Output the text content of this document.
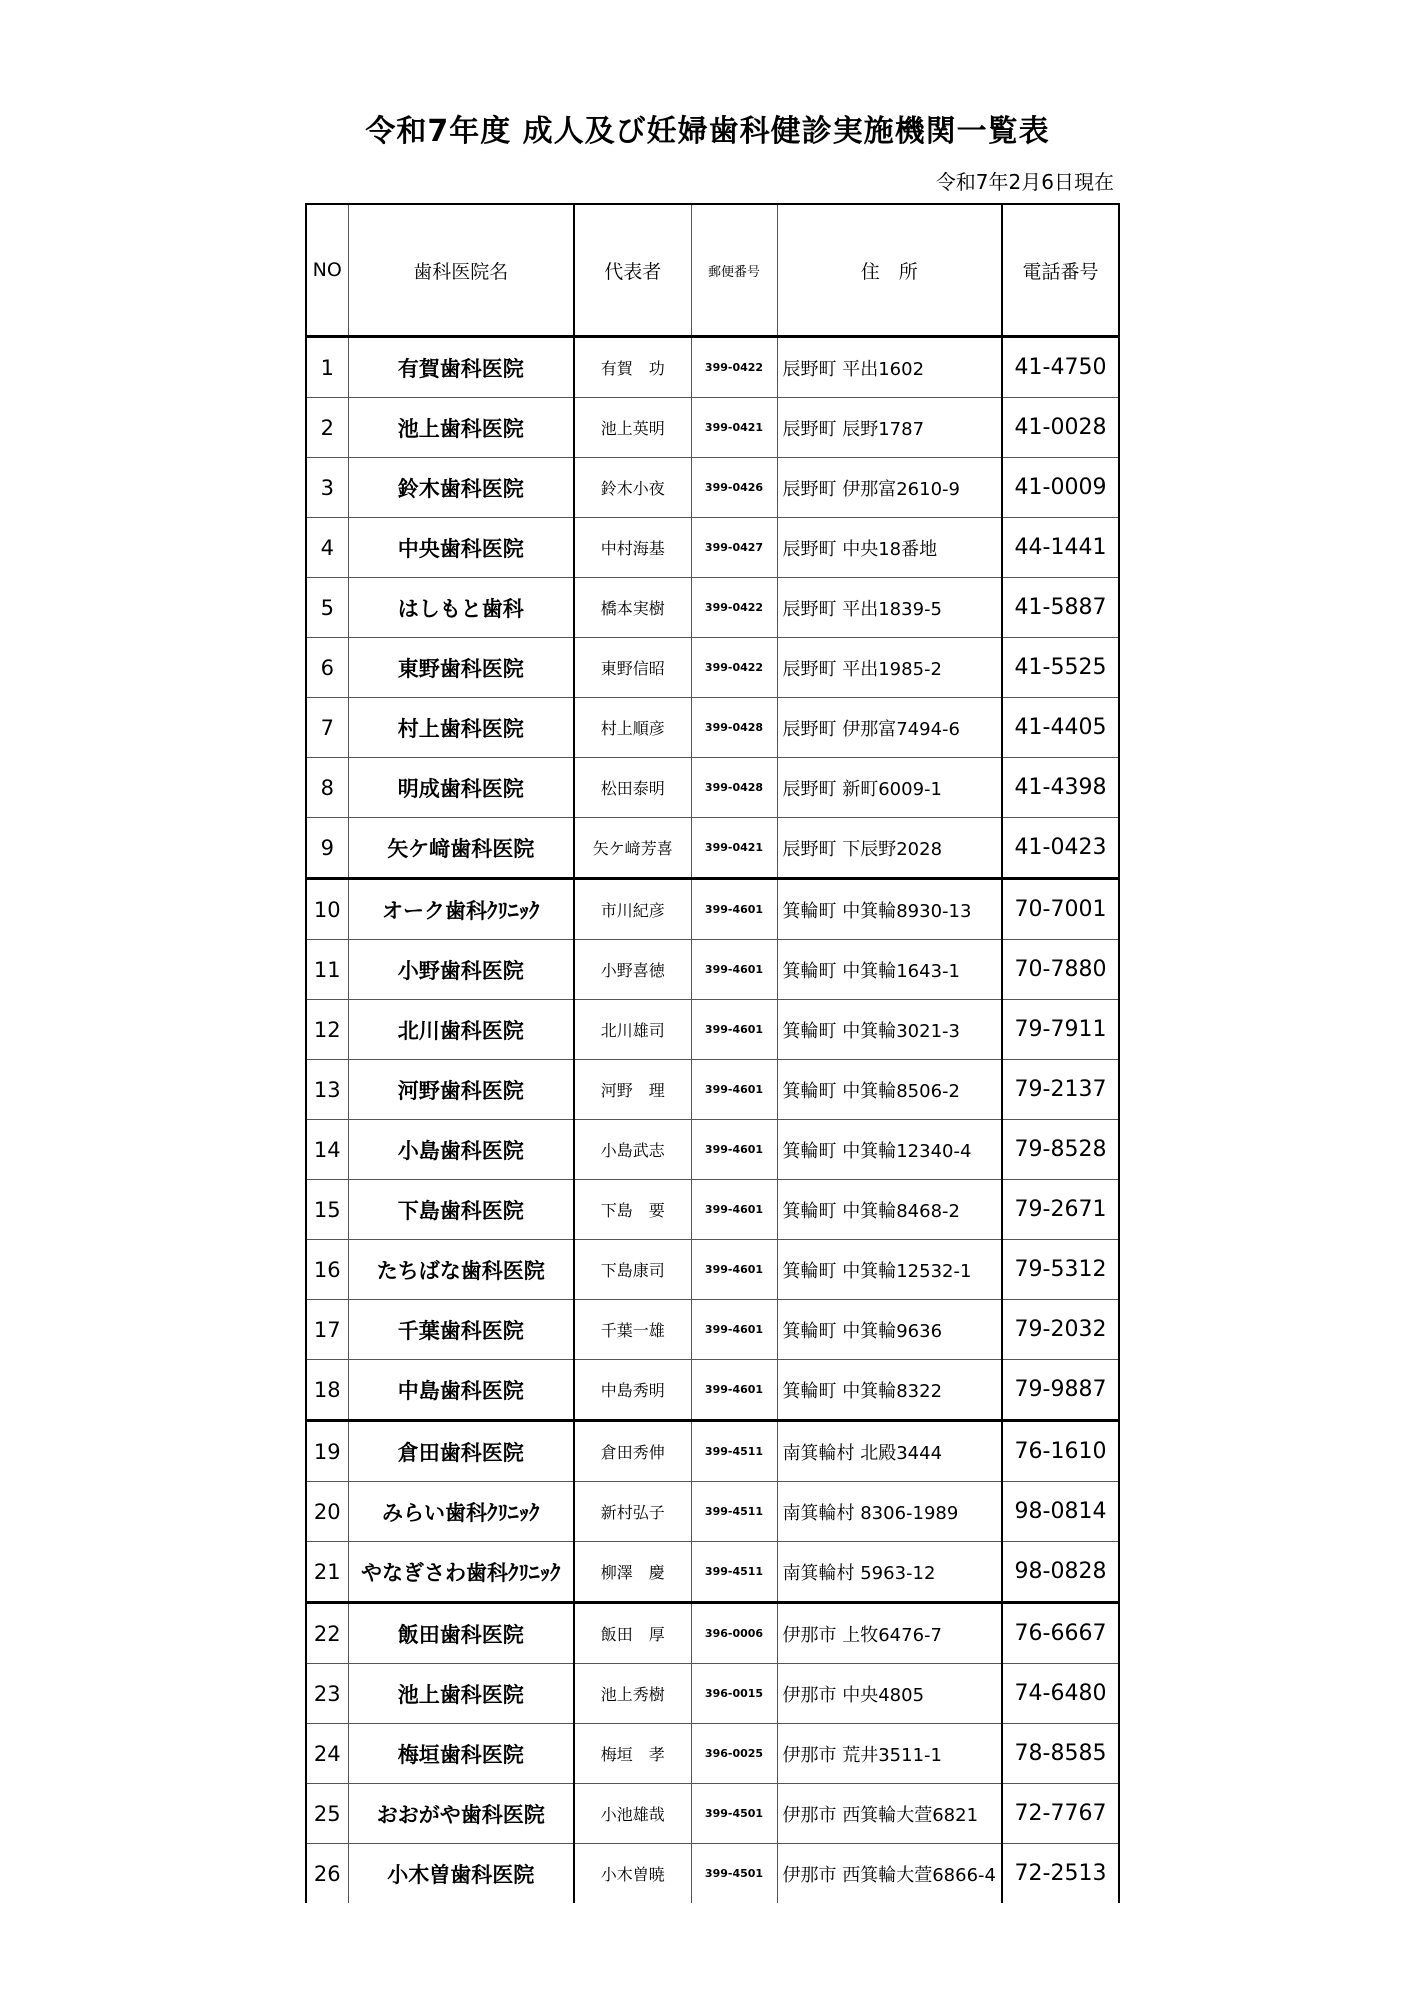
令和7年度 成人及び妊婦歯科健診実施機関一覧表
令和7年2月6日現在
NO	歯科医院名	代表者	郵便番号	住　所	電話番号
1	有賀歯科医院	有賀　功	399-0422	辰野町 平出1602	41-4750
2	池上歯科医院	池上英明	399-0421	辰野町 辰野1787	41-0028
3	鈴木歯科医院	鈴木小夜	399-0426	辰野町 伊那富2610-9	41-0009
4	中央歯科医院	中村海基	399-0427	辰野町 中央18番地	44-1441
5	はしもと歯科	橋本実樹	399-0422	辰野町 平出1839-5	41-5887
6	東野歯科医院	東野信昭	399-0422	辰野町 平出1985-2	41-5525
7	村上歯科医院	村上順彦	399-0428	辰野町 伊那富7494-6	41-4405
8	明成歯科医院	松田泰明	399-0428	辰野町 新町6009-1	41-4398
9	矢ケ﨑歯科医院	矢ケ﨑芳喜	399-0421	辰野町 下辰野2028	41-0423
10	オーク歯科ｸﾘﾆｯｸ	市川紀彦	399-4601	箕輪町 中箕輪8930-13	70-7001
11	小野歯科医院	小野喜徳	399-4601	箕輪町 中箕輪1643-1	70-7880
12	北川歯科医院	北川雄司	399-4601	箕輪町 中箕輪3021-3	79-7911
13	河野歯科医院	河野　理	399-4601	箕輪町 中箕輪8506-2	79-2137
14	小島歯科医院	小島武志	399-4601	箕輪町 中箕輪12340-4	79-8528
15	下島歯科医院	下島　要	399-4601	箕輪町 中箕輪8468-2	79-2671
16	たちばな歯科医院	下島康司	399-4601	箕輪町 中箕輪12532-1	79-5312
17	千葉歯科医院	千葉一雄	399-4601	箕輪町 中箕輪9636	79-2032
18	中島歯科医院	中島秀明	399-4601	箕輪町 中箕輪8322	79-9887
19	倉田歯科医院	倉田秀伸	399-4511	南箕輪村 北殿3444	76-1610
20	みらい歯科ｸﾘﾆｯｸ	新村弘子	399-4511	南箕輪村 8306-1989	98-0814
21	やなぎさわ歯科ｸﾘﾆｯｸ	柳澤　慶	399-4511	南箕輪村 5963-12	98-0828
22	飯田歯科医院	飯田　厚	396-0006	伊那市 上牧6476-7	76-6667
23	池上歯科医院	池上秀樹	396-0015	伊那市 中央4805	74-6480
24	梅垣歯科医院	梅垣　孝	396-0025	伊那市 荒井3511-1	78-8585
25	おおがや歯科医院	小池雄哉	399-4501	伊那市 西箕輪大萱6821	72-7767
26	小木曽歯科医院	小木曽暁	399-4501	伊那市 西箕輪大萱6866-4	72-2513
